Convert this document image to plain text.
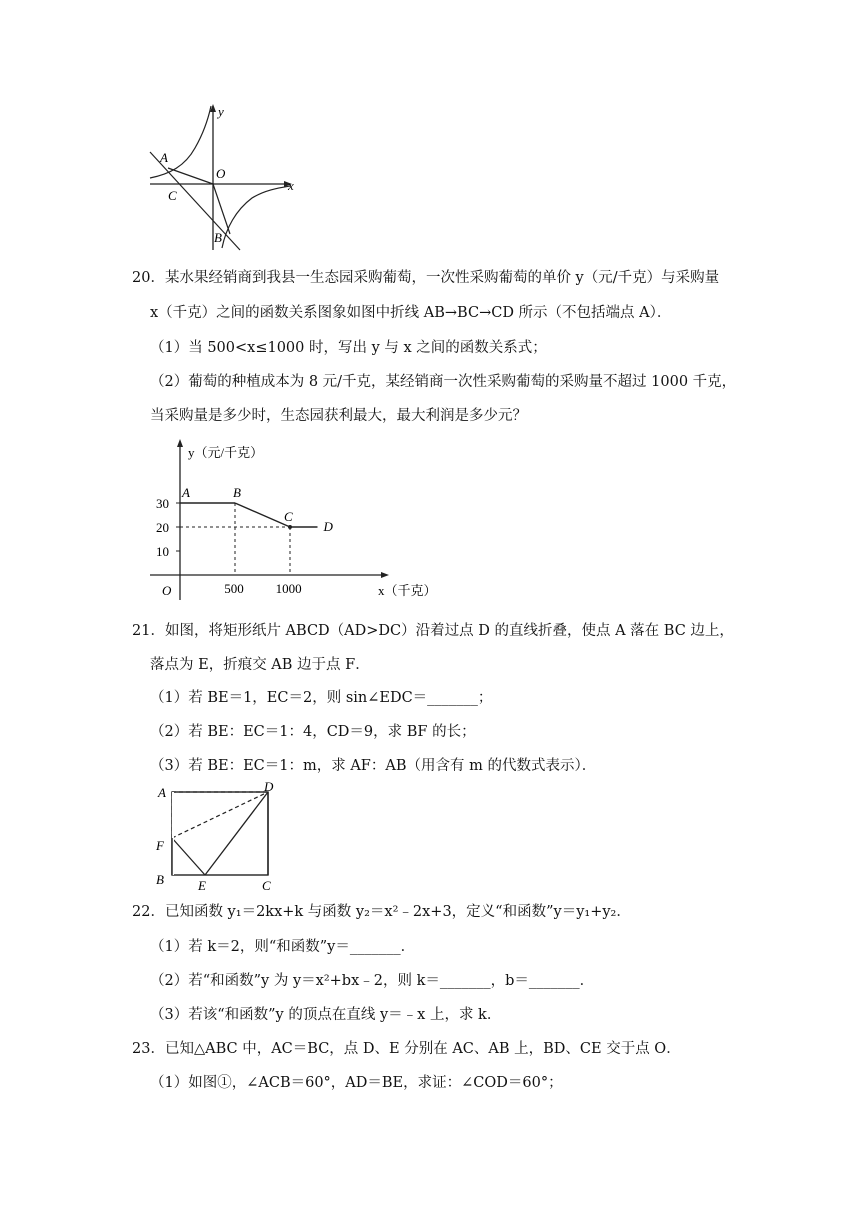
y
x
A
O
C
B
20．某水果经销商到我县一生态园采购葡萄，一次性采购葡萄的单价 y（元/千克）与采购量
x（千克）之间的函数关系图象如图中折线 AB→BC→CD 所示（不包括端点 A）．
（1）当 500<x≤1000 时，写出 y 与 x 之间的函数关系式；
（2）葡萄的种植成本为 8 元/千克，某经销商一次性采购葡萄的采购量不超过 1000 千克，
当采购量是多少时，生态园获利最大，最大利润是多少元？
y（元/千克）
x（千克）
O
30
20
10
500 1000
A	B
C
D
21．如图，将矩形纸片 ABCD（AD>DC）沿着过点 D 的直线折叠，使点 A 落在 BC 边上，
落点为 E，折痕交 AB 边于点 F．
（1）若 BE＝1，EC＝2，则 sin∠EDC＝_______；
（2）若 BE：EC＝1：4，CD＝9，求 BF 的长；
（3）若 BE：EC＝1：m，求 AF：AB（用含有 m 的代数式表示）．
A	D
F
B	E	C
22．已知函数 y₁＝2kx+k 与函数 y₂＝x²﹣2x+3，定义“和函数”y＝y₁+y₂．
（1）若 k＝2，则“和函数”y＝_______．
（2）若“和函数”y 为 y＝x²+bx﹣2，则 k＝_______，b＝_______．
（3）若该“和函数”y 的顶点在直线 y＝﹣x 上，求 k．
23．已知△ABC 中，AC＝BC，点 D、E 分别在 AC、AB 上，BD、CE 交于点 O．
（1）如图①，∠ACB＝60°，AD＝BE，求证：∠COD＝60°；
